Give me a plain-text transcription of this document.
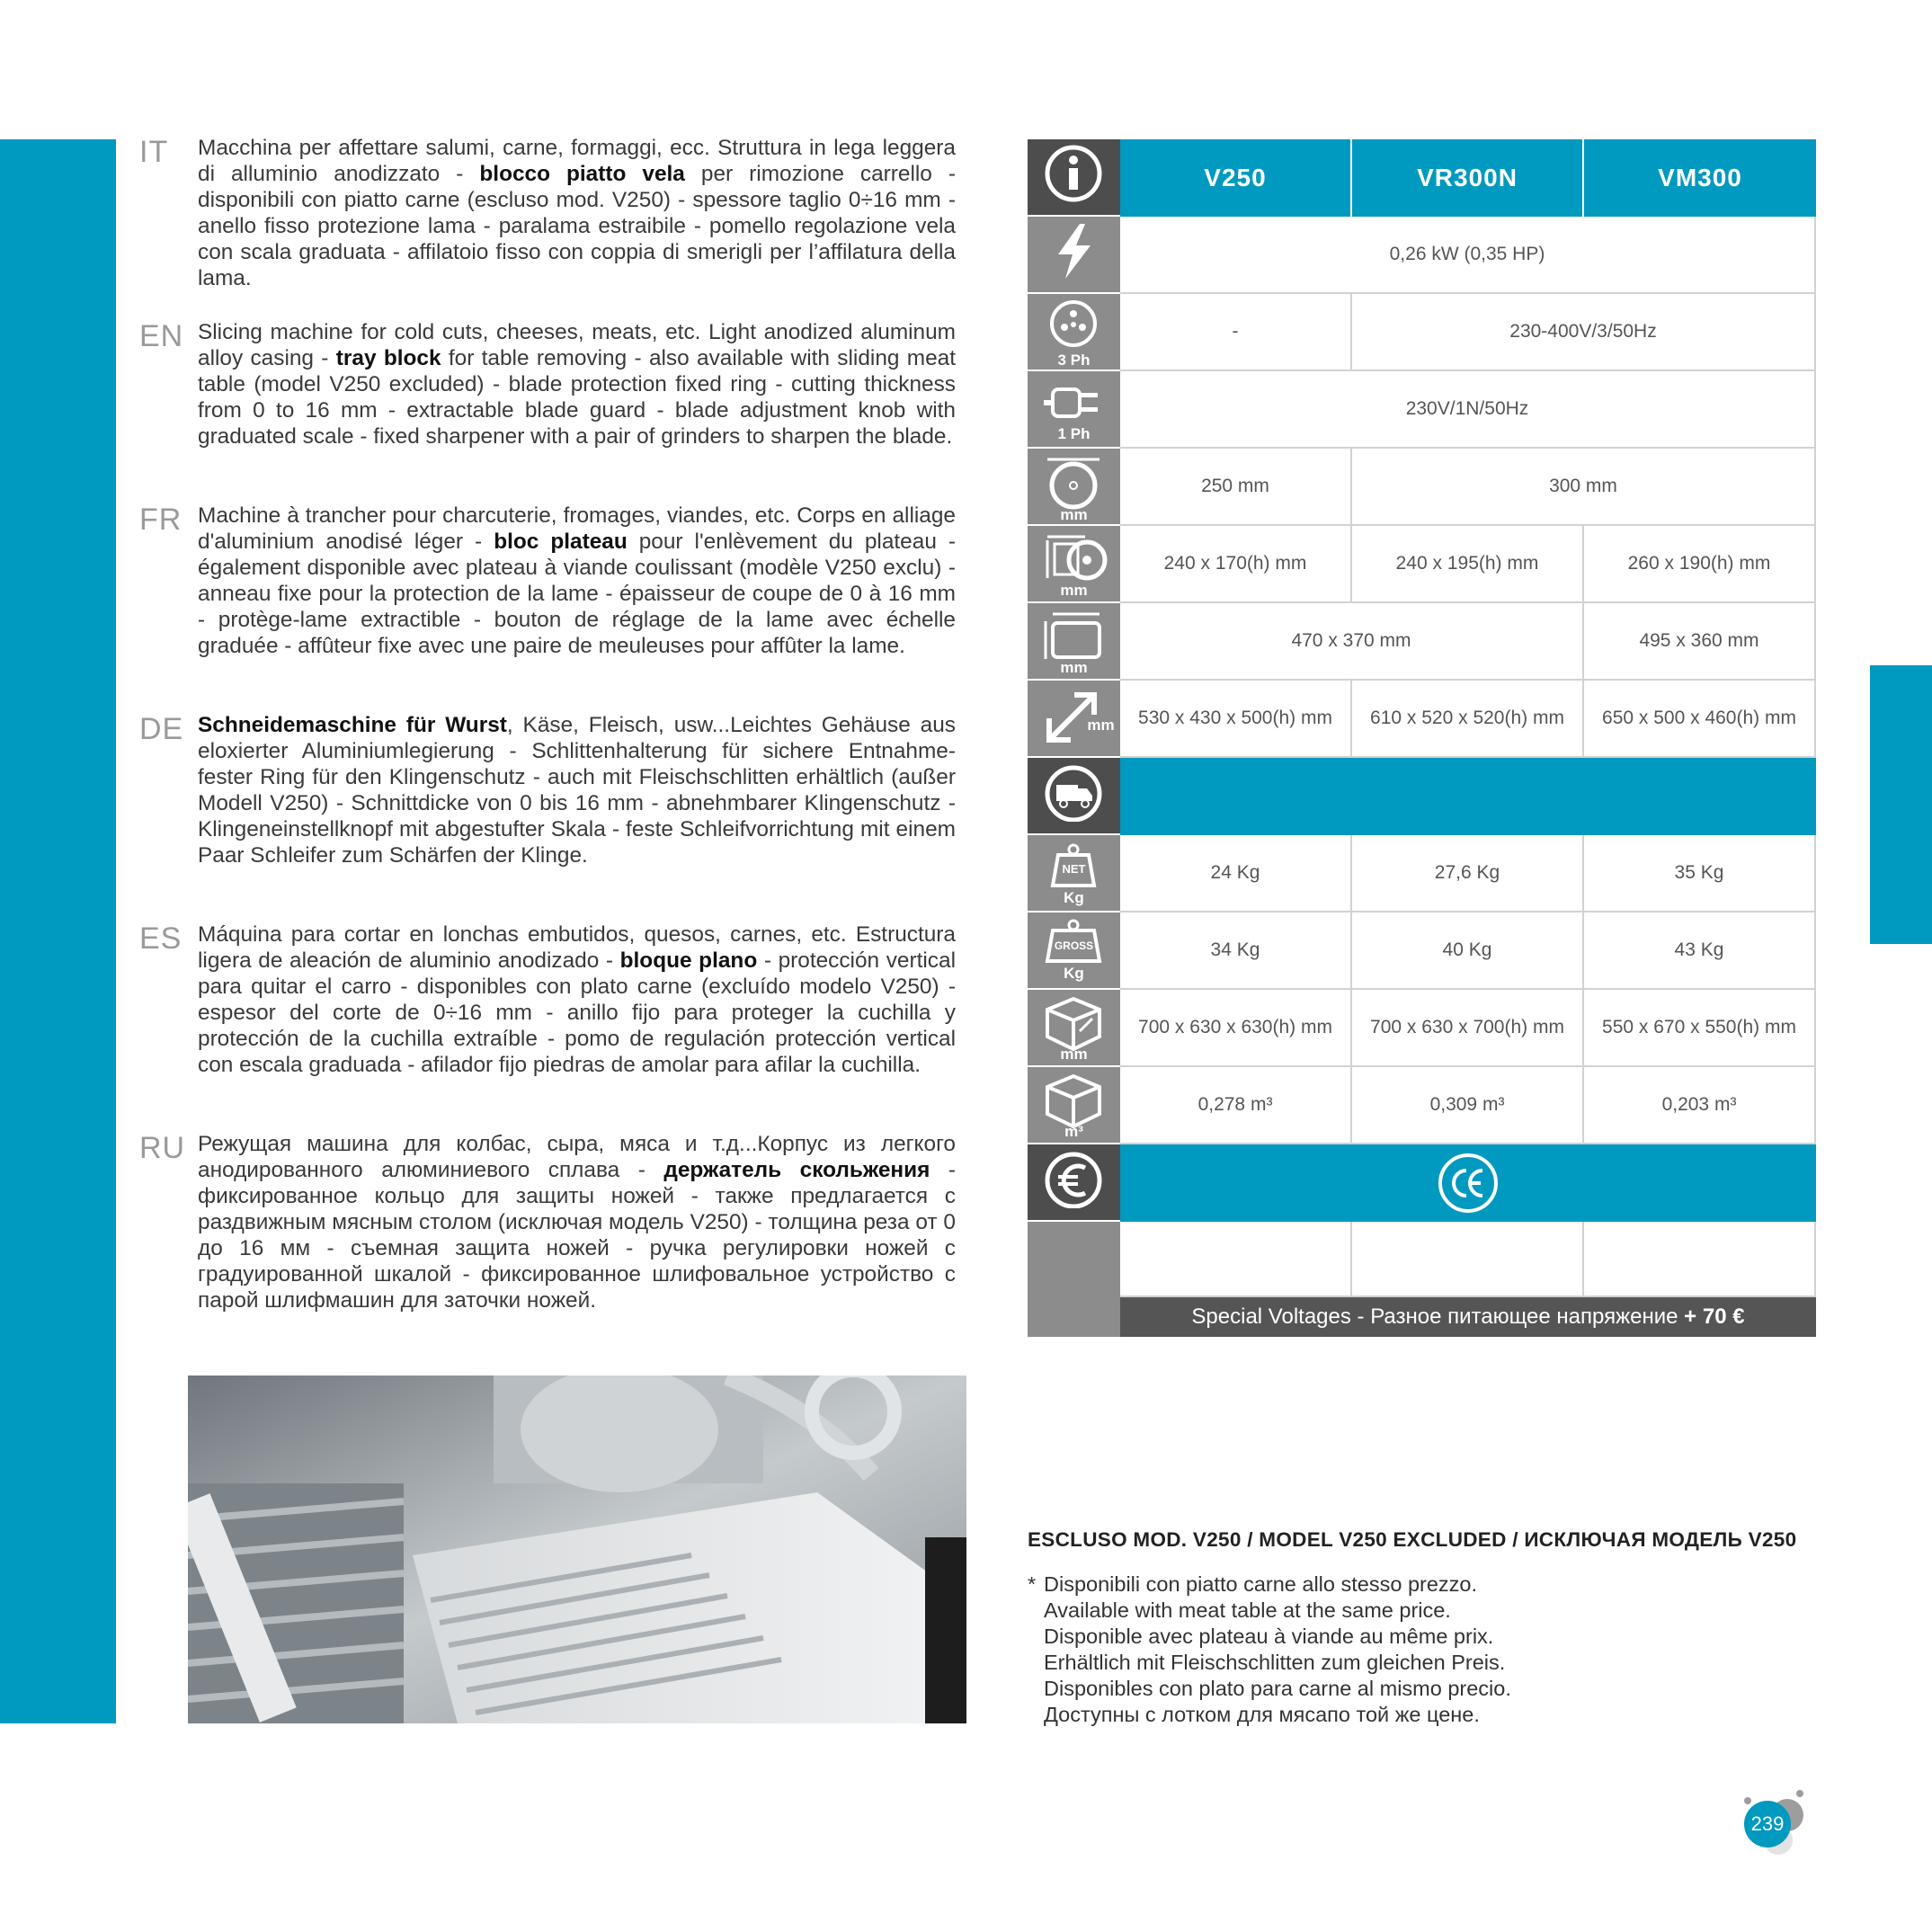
IT Macchina per affettare salumi, carne, formaggi, ecc. Struttura in lega leggera di alluminio anodizzato - blocco piatto vela per rimozione carrello - disponibili con piatto carne (escluso mod. V250) - spessore taglio 0÷16 mm - anello fisso protezione lama - paralama estraibile - pomello regolazione vela con scala graduata - affilatoio fisso con coppia di smerigli per l’affilatura della lama.
EN Slicing machine for cold cuts, cheeses, meats, etc. Light anodized aluminum alloy casing - tray block for table removing - also available with sliding meat table (model V250 excluded) - blade protection fixed ring - cutting thickness from 0 to 16 mm - extractable blade guard - blade adjustment knob with graduated scale - fixed sharpener with a pair of grinders to sharpen the blade.
FR Machine à trancher pour charcuterie, fromages, viandes, etc. Corps en alliage d'aluminium anodisé léger - bloc plateau pour l'enlèvement du plateau - également disponible avec plateau à viande coulissant (modèle V250 exclu) - anneau fixe pour la protection de la lame - épaisseur de coupe de 0 à 16 mm - protège-lame extractible - bouton de réglage de la lame avec échelle graduée - affûteur fixe avec une paire de meuleuses pour affûter la lame.
DE Schneidemaschine für Wurst, Käse, Fleisch, usw...Leichtes Gehäuse aus eloxierter Aluminiumlegierung - Schlittenhalterung für sichere Entnahme- fester Ring für den Klingenschutz - auch mit Fleischschlitten erhältlich (außer Modell V250) - Schnittdicke von 0 bis 16 mm - abnehmbarer Klingenschutz - Klingeneinstellknopf mit abgestufter Skala - feste Schleifvorrichtung mit einem Paar Schleifer zum Schärfen der Klinge.
ES Máquina para cortar en lonchas embutidos, quesos, carnes, etc. Estructura ligera de aleación de aluminio anodizado - bloque plano - protección vertical para quitar el carro - disponibles con plato carne (excluído modelo V250) - espesor del corte de 0÷16 mm - anillo fijo para proteger la cuchilla y protección de la cuchilla extraíble - pomo de regulación protección vertical con escala graduada - afilador fijo piedras de amolar para afilar la cuchilla.
RU Режущая машина для колбас, сыра, мяса и т.д...Корпус из легкого анодированного алюминиевого сплава - держатель скольжения - фиксированное кольцо для защиты ножей - также предлагается с раздвижным мясным столом (исключая модель V250) - толщина реза от 0 до 16 мм - съемная защита ножей - ручка регулировки ножей с градуированной шкалой - фиксированное шлифовальное устройство с парой шлифмашин для заточки ножей.
V250	VR300N	VM300
0,26 kW (0,35 HP)
3 Ph
-	230-400V/3/50Hz
1 Ph
230V/1N/50Hz
mm
250 mm	300 mm
mm
240 x 170(h) mm	240 x 195(h) mm	260 x 190(h) mm
mm
470 x 370 mm	495 x 360 mm
mm	530 x 430 x 500(h) mm	610 x 520 x 520(h) mm	650 x 500 x 460(h) mm
NET
Kg
24 Kg	27,6 Kg	35 Kg
GROSS
Kg
34 Kg	40 Kg	43 Kg
mm
700 x 630 x 630(h) mm	700 x 630 x 700(h) mm	550 x 670 x 550(h) mm
m³
0,278 m³	0,309 m³	0,203 m³
Special Voltages - Разное питающее напряжение + 70 €
ESCLUSO MOD. V250 / MODEL V250 EXCLUDED / ИСКЛЮЧАЯ МОДЕЛЬ V250
* Disponibili con piatto carne allo stesso prezzo.
Available with meat table at the same price.
Disponible avec plateau à viande au même prix.
Erhältlich mit Fleischschlitten zum gleichen Preis.
Disponibles con plato para carne al mismo precio.
Доступны с лотком для мясапо той же цене.
239
